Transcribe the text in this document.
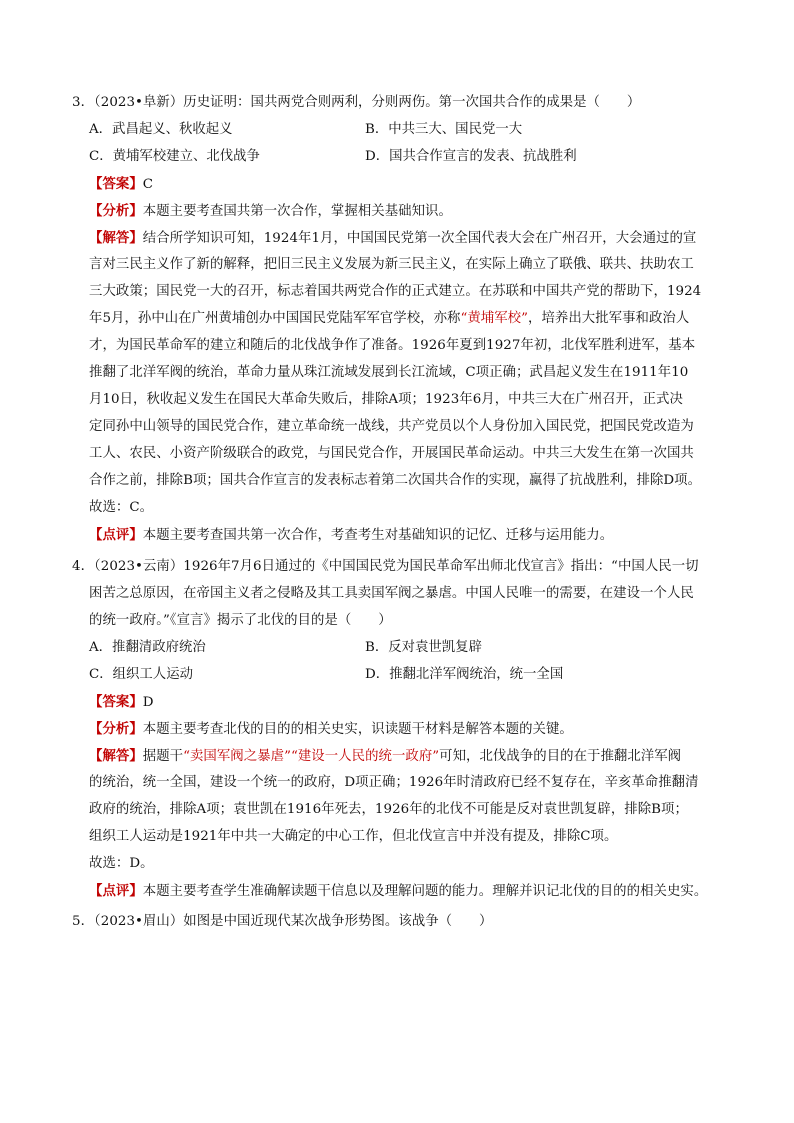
3．（2023•阜新）历史证明：国共两党合则两利，分则两伤。第一次国共合作的成果是（　　）
A．武昌起义、秋收起义	B．中共三大、国民党一大
C．黄埔军校建立、北伐战争	D．国共合作宣言的发表、抗战胜利
【答案】C
【分析】本题主要考查国共第一次合作，掌握相关基础知识。
【解答】结合所学知识可知，1924年1月，中国国民党第一次全国代表大会在广州召开，大会通过的宣
言对三民主义作了新的解释，把旧三民主义发展为新三民主义，在实际上确立了联俄、联共、扶助农工
三大政策；国民党一大的召开，标志着国共两党合作的正式建立。在苏联和中国共产党的帮助下，1924
年5月，孙中山在广州黄埔创办中国国民党陆军军官学校，亦称“黄埔军校”，培养出大批军事和政治人
才，为国民革命军的建立和随后的北伐战争作了准备。1926年夏到1927年初，北伐军胜利进军，基本
推翻了北洋军阀的统治，革命力量从珠江流域发展到长江流域，C项正确；武昌起义发生在1911年10
月10日，秋收起义发生在国民大革命失败后，排除A项；1923年6月，中共三大在广州召开，正式决
定同孙中山领导的国民党合作，建立革命统一战线，共产党员以个人身份加入国民党，把国民党改造为
工人、农民、小资产阶级联合的政党，与国民党合作，开展国民革命运动。中共三大发生在第一次国共
合作之前，排除B项；国共合作宣言的发表标志着第二次国共合作的实现，赢得了抗战胜利，排除D项。
故选：C。
【点评】本题主要考查国共第一次合作，考查考生对基础知识的记忆、迁移与运用能力。
4．（2023•云南）1926年7月6日通过的《中国国民党为国民革命军出师北伐宣言》指出：“中国人民一切
困苦之总原因，在帝国主义者之侵略及其工具卖国军阀之暴虐。中国人民唯一的需要，在建设一个人民
的统一政府。”《宣言》揭示了北伐的目的是（　　）
A．推翻清政府统治	B．反对袁世凯复辟
C．组织工人运动	D．推翻北洋军阀统治，统一全国
【答案】D
【分析】本题主要考查北伐的目的的相关史实，识读题干材料是解答本题的关键。
【解答】据题干“卖国军阀之暴虐”“建设一人民的统一政府”可知，北伐战争的目的在于推翻北洋军阀
的统治，统一全国，建设一个统一的政府，D项正确；1926年时清政府已经不复存在，辛亥革命推翻清
政府的统治，排除A项；袁世凯在1916年死去，1926年的北伐不可能是反对袁世凯复辟，排除B项；
组织工人运动是1921年中共一大确定的中心工作，但北伐宣言中并没有提及，排除C项。
故选：D。
【点评】本题主要考查学生准确解读题干信息以及理解问题的能力。理解并识记北伐的目的的相关史实。
5．（2023•眉山）如图是中国近现代某次战争形势图。该战争（　　）
